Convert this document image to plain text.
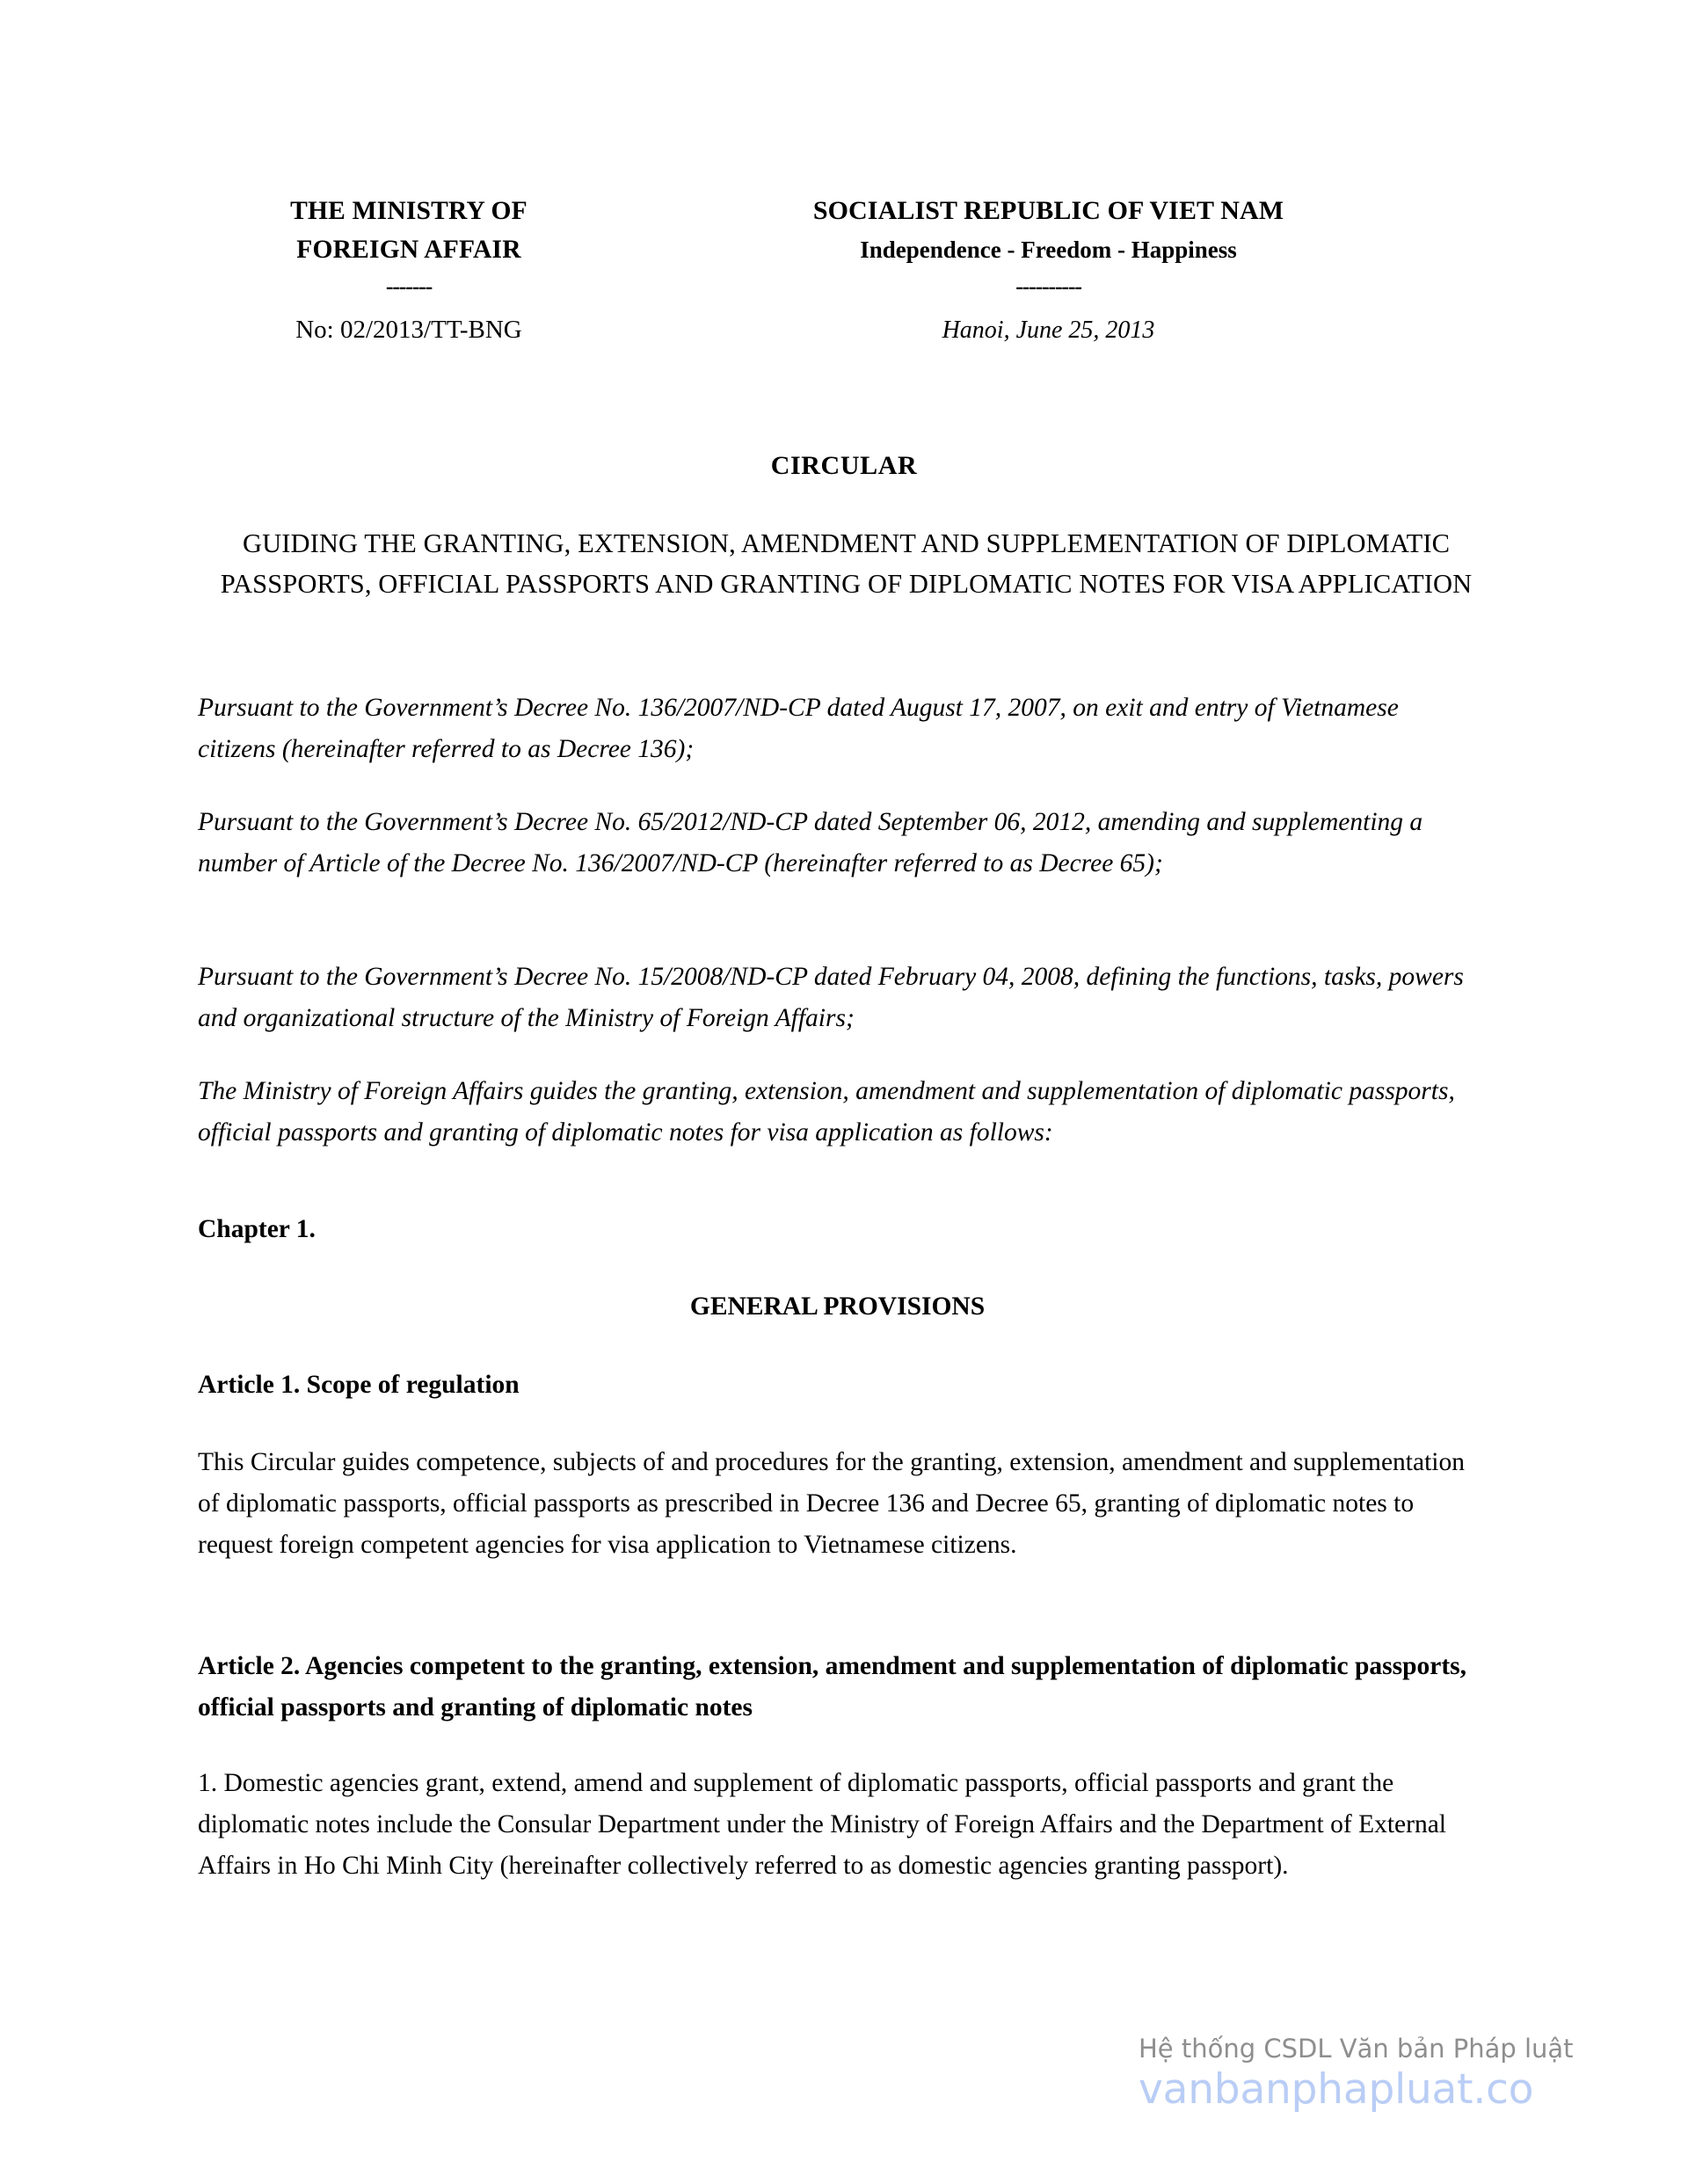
THE MINISTRY OF
FOREIGN AFFAIR
-------
SOCIALIST REPUBLIC OF VIET NAM
Independence - Freedom - Happiness
----------
No: 02/2013/TT-BNG	Hanoi, June 25, 2013
CIRCULAR
GUIDING THE GRANTING, EXTENSION, AMENDMENT AND SUPPLEMENTATION OF DIPLOMATIC PASSPORTS, OFFICIAL PASSPORTS AND GRANTING OF DIPLOMATIC NOTES FOR VISA APPLICATION
Pursuant to the Government’s Decree No. 136/2007/ND-CP dated August 17, 2007, on exit and entry of Vietnamese citizens (hereinafter referred to as Decree 136);
Pursuant to the Government’s Decree No. 65/2012/ND-CP dated September 06, 2012, amending and supplementing a number of Article of the Decree No. 136/2007/ND-CP (hereinafter referred to as Decree 65);
Pursuant to the Government’s Decree No. 15/2008/ND-CP dated February 04, 2008, defining the functions, tasks, powers and organizational structure of the Ministry of Foreign Affairs;
The Ministry of Foreign Affairs guides the granting, extension, amendment and supplementation of diplomatic passports, official passports and granting of diplomatic notes for visa application as follows:
Chapter 1.
GENERAL PROVISIONS
Article 1. Scope of regulation
This Circular guides competence, subjects of and procedures for the granting, extension, amendment and supplementation of diplomatic passports, official passports as prescribed in Decree 136 and Decree 65, granting of diplomatic notes to request foreign competent agencies for visa application to Vietnamese citizens.
Article 2. Agencies competent to the granting, extension, amendment and supplementation of diplomatic passports, official passports and granting of diplomatic notes
1. Domestic agencies grant, extend, amend and supplement of diplomatic passports, official passports and grant the diplomatic notes include the Consular Department under the Ministry of Foreign Affairs and the Department of External Affairs in Ho Chi Minh City (hereinafter collectively referred to as domestic agencies granting passport).
Hệ thống CSDL Văn bản Pháp luật
vanbanphapluat.co
